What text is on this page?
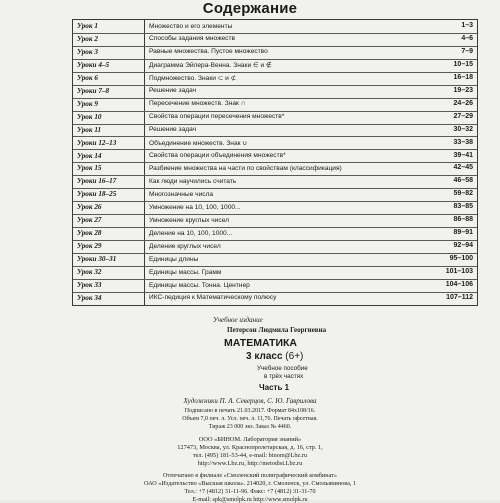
Содержание
Урок 1	Множество и его элементы	1–3
Урок 2	Способы задания множеств	4–6
Урок 3	Равные множества. Пустое множество	7–9
Уроки 4–5	Диаграмма Эйлера-Венна. Знаки ∈ и ∉	10–15
Урок 6	Подмножество. Знаки ⊂ и ⊄	16–18
Уроки 7–8	Решение задач	19–23
Урок 9	Пересечение множеств. Знак ∩	24–26
Урок 10	Свойства операции пересечения множеств*	27–29
Урок 11	Решение задач	30–32
Уроки 12–13	Объединение множеств. Знак ∪	33–38
Урок 14	Свойства операции объединения множеств*	39–41
Урок 15	Разбиение множества на части по свойствам (классификация)	42–45
Уроки 16–17	Как люди научились считать	46–58
Уроки 18–25	Многозначные числа	59–82
Урок 26	Умножение на 10, 100, 1000...	83–85
Урок 27	Умножение круглых чисел	86–88
Урок 28	Деление на 10, 100, 1000...	89–91
Урок 29	Деление круглых чисел	92–94
Уроки 30–31	Единицы длины	95–100
Урок 32	Единицы массы. Грамм	101–103
Урок 33	Единицы массы. Тонна. Центнер	104–106
Урок 34	ИКС-педиция к Математическому полюсу	107–112
Учебное издание
Петерсон Людмила Георгиевна
МАТЕМАТИКА
3 класс (6+)
Учебное пособие
в трёх частях
Часть 1
Художники П. А. Северцов, С. Ю. Гаврилова
Подписано в печать 21.03.2017. Формат 84х108/16.
Объем 7,0 печ. л. Усл. печ. л. 11,76. Печать офсетная.
Тираж 23 000 экз. Заказ № 4460.
ООО «БИНОМ. Лаборатория знаний»
127473, Москва, ул. Краснопролетарская, д. 16, стр. 1,
тел. (495) 181-53-44, e-mail: binom@Lbz.ru
http://www.Lbz.ru, http://metodist.Lbz.ru
Отпечатано в филиале «Смоленский полиграфический комбинат»
ОАО «Издательство «Высшая школа». 214020, г. Смоленск, ул. Смольянинова, 1
Тел.: +7 (4812) 31-11-96. Факс: +7 (4812) 31-31-70
E-mail: spk@smolpk.ru http://www.smolpk.ru
